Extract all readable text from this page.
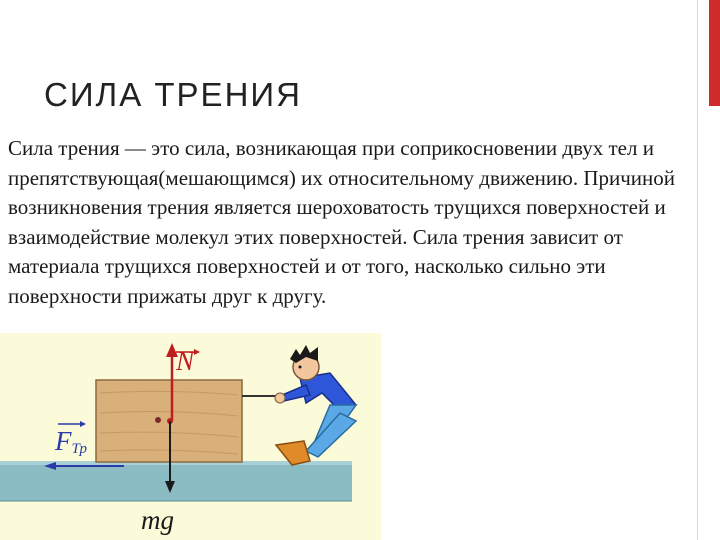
СИЛА ТРЕНИЯ

Сила трения — это сила, возникающая при соприкосновении двух тел и препятствующая(мешающимся) их относительному движению. Причиной возникновения трения является шероховатость трущихся поверхностей и взаимодействие молекул этих поверхностей. Сила трения зависит от материала трущихся поверхностей и от того, насколько сильно эти поверхности прижаты друг к другу.

N
$F_{Тр}$
mg
